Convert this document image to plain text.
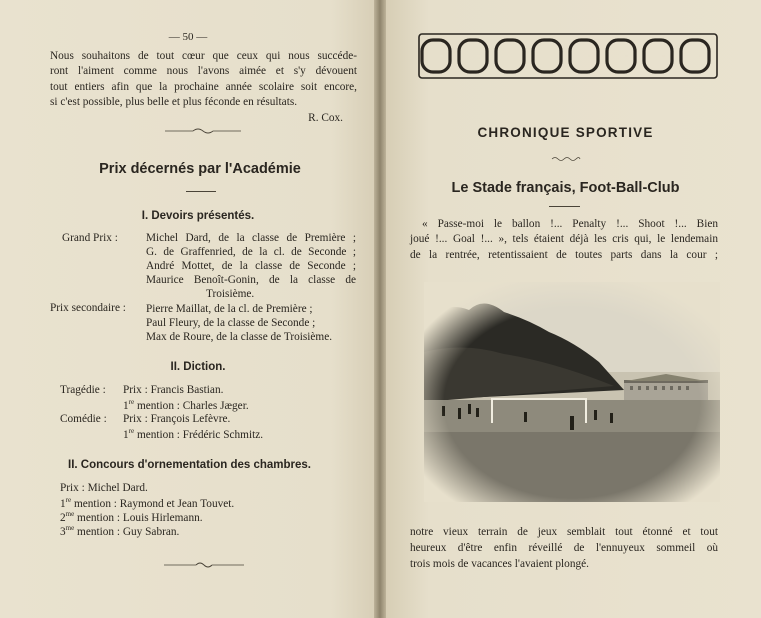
— 50 —
Nous souhaitons de tout cœur que ceux qui nous succéde-
ront l'aiment comme nous l'avons aimée et s'y dévouent
tout entiers afin que la prochaine année scolaire soit encore,
si c'est possible, plus belle et plus féconde en résultats.
R. Cox.
Prix décernés par l'Académie
I. Devoirs présentés.
Grand Prix : Michel Dard, de la classe de Première ;
G. de Graffenried, de la cl. de Seconde ;
André Mottet, de la classe de Seconde ;
Maurice Benoît-Gonin, de la classe de
Troisième.
Prix secondaire : Pierre Maillat, de la cl. de Première ;
Paul Fleury, de la classe de Seconde ;
Max de Roure, de la classe de Troisième.
II. Diction.
Tragédie : Prix : Francis Bastian.
1re mention : Charles Jæger.
Comédie : Prix : François Lefèvre.
1re mention : Frédéric Schmitz.
II. Concours d'ornementation des chambres.
Prix : Michel Dard.
1re mention : Raymond et Jean Touvet.
$2^{me}$ mention : Louis Hirlemann.
$3^{me}$ mention : Guy Sabran.
CHRONIQUE SPORTIVE
Le Stade français, Foot-Ball-Club
« Passe-moi le ballon !... Penalty !... Shoot !... Bien
joué !... Goal !... », tels étaient déjà les cris qui, le lendemain
de la rentrée, retentissaient de toutes parts dans la cour ;
notre vieux terrain de jeux semblait tout étonné et tout
heureux d'être enfin réveillé de l'ennuyeux sommeil où
trois mois de vacances l'avaient plongé.
